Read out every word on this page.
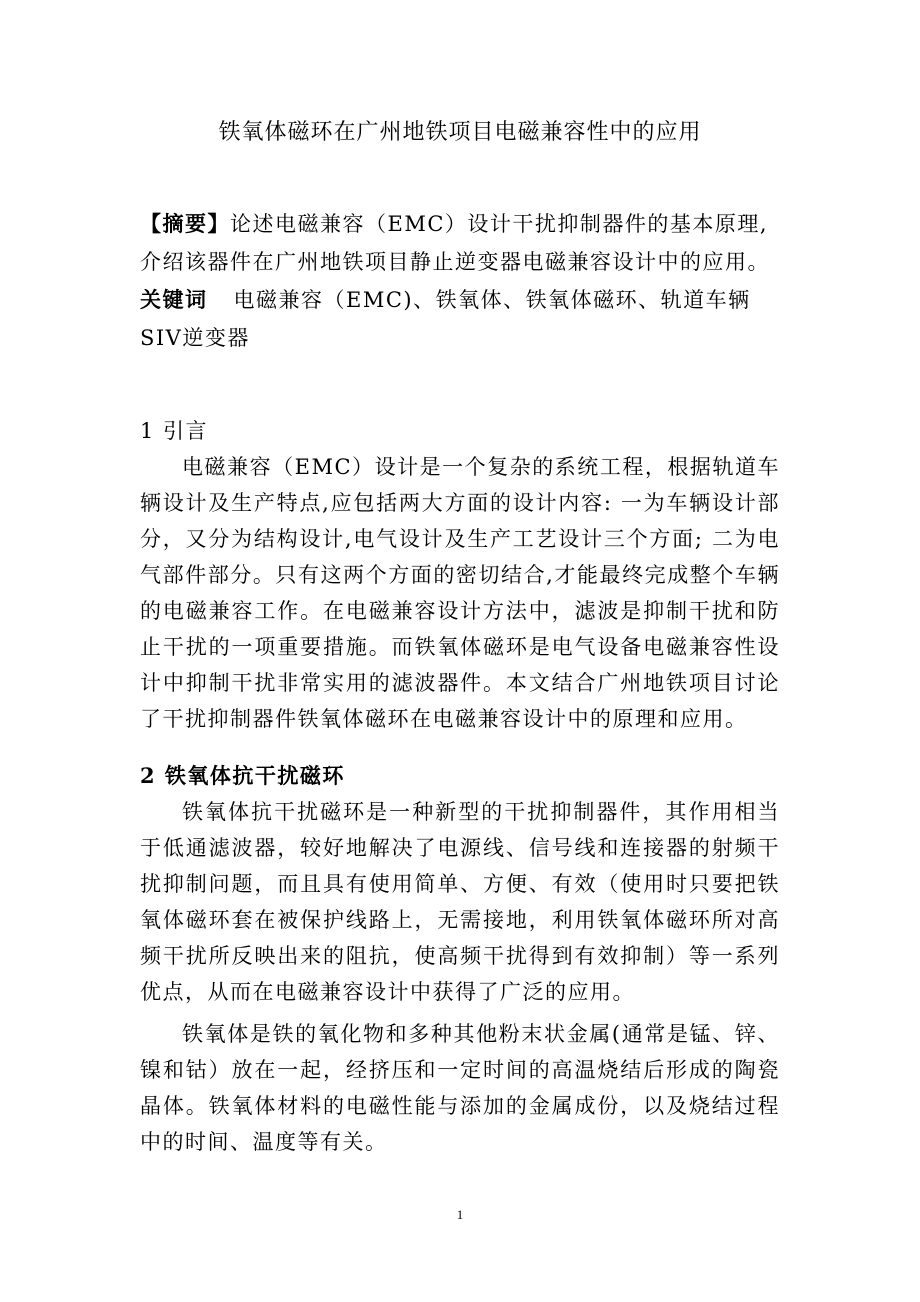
铁氧体磁环在广州地铁项目电磁兼容性中的应用

【摘要】论述电磁兼容（EMC）设计干扰抑制器件的基本原理,介绍该器件在广州地铁项目静止逆变器电磁兼容设计中的应用。

关键词 电磁兼容（EMC)、铁氧体、铁氧体磁环、轨道车辆 SIV逆变器

1 引言

电磁兼容（EMC）设计是一个复杂的系统工程，根据轨道车辆设计及生产特点,应包括两大方面的设计内容: 一为车辆设计部分，又分为结构设计,电气设计及生产工艺设计三个方面; 二为电气部件部分。只有这两个方面的密切结合,才能最终完成整个车辆的电磁兼容工作。在电磁兼容设计方法中，滤波是抑制干扰和防止干扰的一项重要措施。而铁氧体磁环是电气设备电磁兼容性设计中抑制干扰非常实用的滤波器件。本文结合广州地铁项目讨论了干扰抑制器件铁氧体磁环在电磁兼容设计中的原理和应用。

2 铁氧体抗干扰磁环

铁氧体抗干扰磁环是一种新型的干扰抑制器件，其作用相当于低通滤波器，较好地解决了电源线、信号线和连接器的射频干扰抑制问题，而且具有使用简单、方便、有效（使用时只要把铁氧体磁环套在被保护线路上，无需接地，利用铁氧体磁环所对高频干扰所反映出来的阻抗，使高频干扰得到有效抑制）等一系列优点，从而在电磁兼容设计中获得了广泛的应用。

铁氧体是铁的氧化物和多种其他粉末状金属(通常是锰、锌、镍和钴）放在一起，经挤压和一定时间的高温烧结后形成的陶瓷晶体。铁氧体材料的电磁性能与添加的金属成份，以及烧结过程中的时间、温度等有关。

1
